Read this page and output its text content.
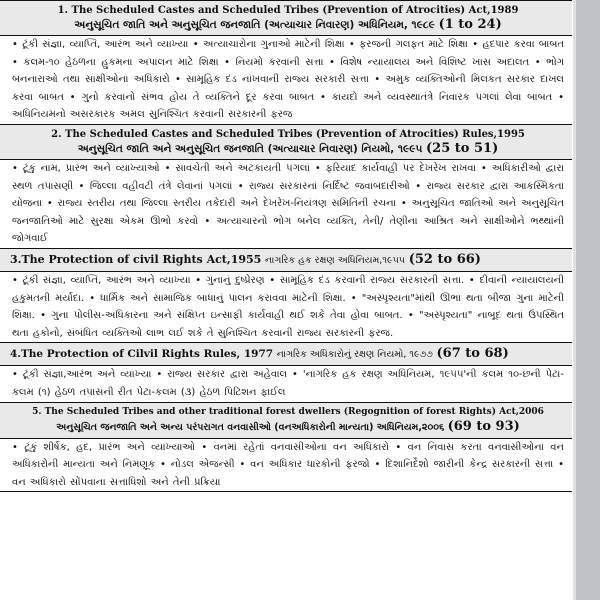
1. The Scheduled Castes and Scheduled Tribes (Prevention of Atrocities) Act,1989
અનુસૂચિત જાતિ અને અનુસૂચિત જનજાતિ (અત્યાચાર નિવારણ) અધિનિયમ, ૧૯૮૯ (1 to 24)
• ટૂંકી સંજ્ઞા, વ્યાપ્તિ, આરંભ અને વ્યાખ્યા • અત્યાચારોના ગુનાઓ માટેની શિક્ષા • ફરજની ગલફત માટે શિક્ષા • હદપાર કરવા બાબત • કલમ-૧૦ હેઠળના હુકમના અપાલન માટે શિક્ષા • નિયમો કરવાની સત્તા • વિશેષ ન્યાયાલય અને વિશિષ્ટ ખાસ અદાલત • ભોગ બનનારાઓ તથા સાક્ષીઓના અધિકારો • સામૂહિક દંડ નાંખવાની રાજ્ય સરકારી સત્તા • અમુક વ્યક્તિઓની મિલકત સરકાર દાખલ કરવા બાબત • ગુનો કરવાનો સંભવ હોય તે વ્યક્તિને દૂર કરવા બાબત • કાયદો અને વ્યવસ્થાતંત્રે નિવારક પગલાં લેવા બાબત • અધિનિયમનો અસરકારક અમલ સુનિશ્ચિત કરવાની સરકારની ફરજ
2. The Scheduled Castes and Scheduled Tribes (Prevention of Atrocities) Rules,1995
અનુસૂચિત જાતિ અને અનુસૂચિત જનજાતિ (અત્યાચાર નિવારણ) નિયમો, ૧૯૯૫ (25 to 51)
• ટૂંકું નામ, પ્રારંભ અને વ્યાખ્યાઓ • સાવચેતી અને અટકાયતી પગલાં • ફરિયાદ કાર્યવાહી પર દેખરેખ રાખવા • અધિકારીઓ દ્વારા સ્થળ તપાસણી • જિલ્લા વહીવટી તંત્રે લેવાનાં પગલાં • રાજ્ય સરકારનાં નિર્દિષ્ટ જવાબદારીઓ • રાજ્ય સરકાર દ્વારા આકસ્મિકતા યોજના • રાજ્ય સ્તરીય તથા જિલ્લા સ્તરીય તકેદારી અને દેખરેખ-નિયંત્રણ સમિતિની રચના • અનુસૂચિત જાતિઓ અને અનુસૂચિત જનજાતિઓ માટે સુરક્ષા એકમ ઊભો કરવો • અત્યાચારનો ભોગ બનેલ વ્યક્તિ, તેની/ તેણીના આશ્રિત અને સાક્ષીઓને ભથ્થાંની જોગવાઈ
3.The Protection of civil Rights Act,1955 નાગરિક હક રક્ષણ અધિનિયમ,૧૯૫૫ (52 to 66)
• ટૂંકી સંજ્ઞા, વ્યાપ્તિ, આરંભ અને વ્યાખ્યા • ગુનાનું દુષ્પ્રેરણ • સામૂહિક દંડ કરવાની રાજ્ય સરકારની સત્તા. • દીવાની ન્યાયાલયની હકુમતની મર્યાદા. • ધાર્મિક અને સામાજિક બાધાનું પાલન કરાવવા માટેની શિક્ષા. • "અસ્પૃશ્યતા"માંથી ઊભા થતા બીજા ગુના માટેની શિક્ષા. • ગુના પોલીસ-અધિકારના અને સંક્ષિપ્ત ઇન્સાફી કાર્યવાહી થઈ શકે તેવા હોવા બાબત. • "અસ્પૃશ્યતા" નાબૂદ થતાં ઉપસ્થિત થતા હકોનો, સંબંધિત વ્યક્તિઓ લાભ લઈ શકે તે સુનિશ્ચિત કરવાની રાજ્ય સરકારની ફરજ.
4.The Protection of Cilvil Rights Rules, 1977 નાગરિક અધિકારોનું રક્ષણ નિયમો, ૧૯૭૭ (67 to 68)
• ટૂંકી સંજ્ઞા,આરંભ અને વ્યાખ્યા • રાજ્ય સરકાર દ્વારા અહેવાલ • 'નાગરિક હક રક્ષણ અધિનિયમ, ૧૯૫૫'ની કલમ ૧૦-છની પેટા-કલમ (૧) હેઠળ તપાસની રીત પેટા-કલમ (૩) હેઠળ પિટિશન ફાઈલ
5. The Scheduled Tribes and other traditional forest dwellers (Regognition of forest Rights) Act,2006
અનુસૂચિત જનજાતિ અને અન્ય પરંપરાગત વનવાસીઓ (વનઅધિકારોની માન્યતા) અધિનિયમ,૨૦૦૬ (69 to 93)
• ટૂંકું શીર્ષક, હદ, પ્રારંભ અને વ્યાખ્યાઓ • વનમાં રહેતાં વનવાસીઓના વન અધિકારો • વન નિવાસ કરતા વનવાસીઓના વન અધિકારોની માન્યતા અને નિમણૂક • નોડલ એજન્સી • વન અધિકાર ધારકોની ફરજો • દિશાનિર્દેશો જારીની કેન્દ્ર સરકારની સત્તા • વન અધિકારો સોંપવાના સત્તાધિશો અને તેની પ્રક્રિયા
